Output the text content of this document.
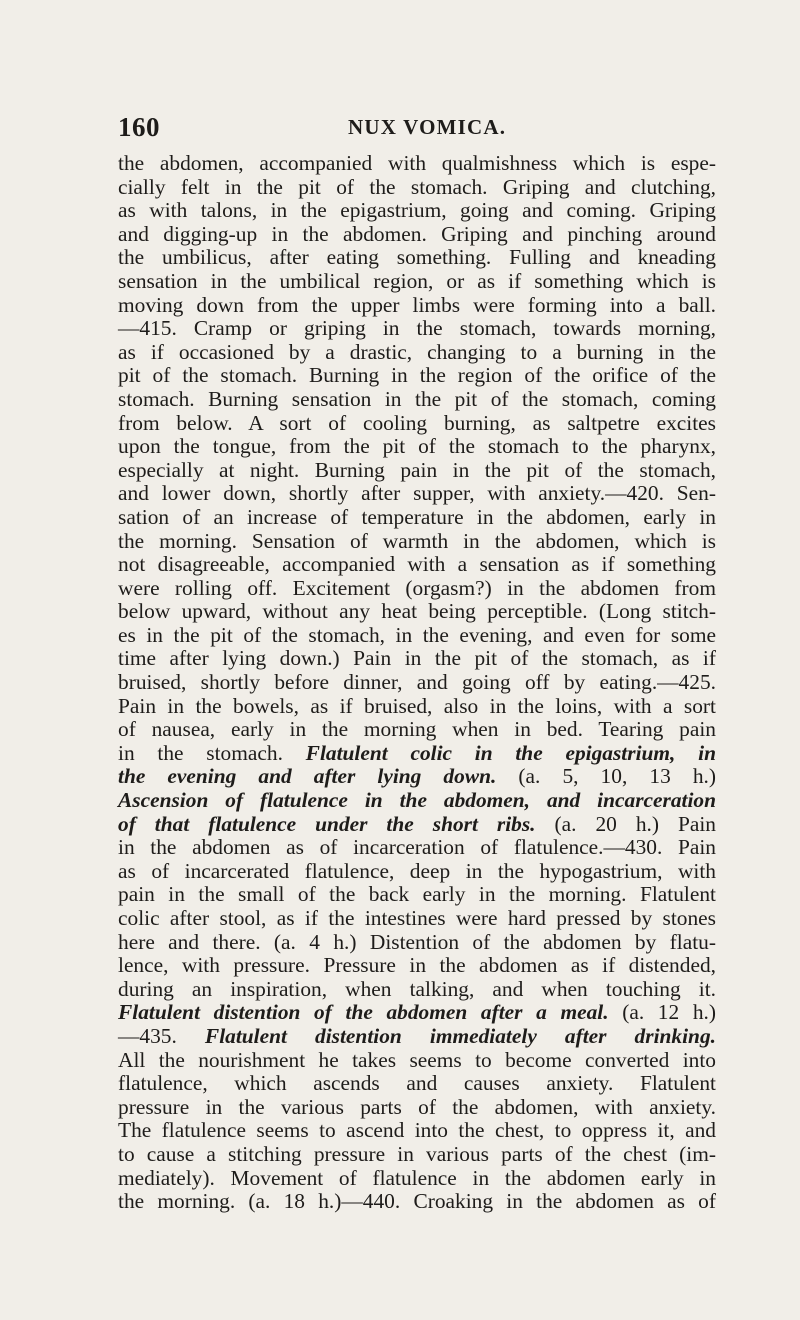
160	NUX VOMICA.
the abdomen, accompanied with qualmishness which is espe-
cially felt in the pit of the stomach. Griping and clutching,
as with talons, in the epigastrium, going and coming. Griping
and digging-up in the abdomen. Griping and pinching around
the umbilicus, after eating something. Fulling and kneading
sensation in the umbilical region, or as if something which is
moving down from the upper limbs were forming into a ball.
—415. Cramp or griping in the stomach, towards morning,
as if occasioned by a drastic, changing to a burning in the
pit of the stomach. Burning in the region of the orifice of the
stomach. Burning sensation in the pit of the stomach, coming
from below. A sort of cooling burning, as saltpetre excites
upon the tongue, from the pit of the stomach to the pharynx,
especially at night. Burning pain in the pit of the stomach,
and lower down, shortly after supper, with anxiety.—420. Sen-
sation of an increase of temperature in the abdomen, early in
the morning. Sensation of warmth in the abdomen, which is
not disagreeable, accompanied with a sensation as if something
were rolling off. Excitement (orgasm?) in the abdomen from
below upward, without any heat being perceptible. (Long stitch-
es in the pit of the stomach, in the evening, and even for some
time after lying down.) Pain in the pit of the stomach, as if
bruised, shortly before dinner, and going off by eating.—425.
Pain in the bowels, as if bruised, also in the loins, with a sort
of nausea, early in the morning when in bed. Tearing pain
in the stomach. Flatulent colic in the epigastrium, in
the evening and after lying down. (a. 5, 10, 13 h.)
Ascension of flatulence in the abdomen, and incarceration
of that flatulence under the short ribs. (a. 20 h.) Pain
in the abdomen as of incarceration of flatulence.—430. Pain
as of incarcerated flatulence, deep in the hypogastrium, with
pain in the small of the back early in the morning. Flatulent
colic after stool, as if the intestines were hard pressed by stones
here and there. (a. 4 h.) Distention of the abdomen by flatu-
lence, with pressure. Pressure in the abdomen as if distended,
during an inspiration, when talking, and when touching it.
Flatulent distention of the abdomen after a meal. (a. 12 h.)
—435. Flatulent distention immediately after drinking.
All the nourishment he takes seems to become converted into
flatulence, which ascends and causes anxiety. Flatulent
pressure in the various parts of the abdomen, with anxiety.
The flatulence seems to ascend into the chest, to oppress it, and
to cause a stitching pressure in various parts of the chest (im-
mediately). Movement of flatulence in the abdomen early in
the morning. (a. 18 h.)—440. Croaking in the abdomen as of
